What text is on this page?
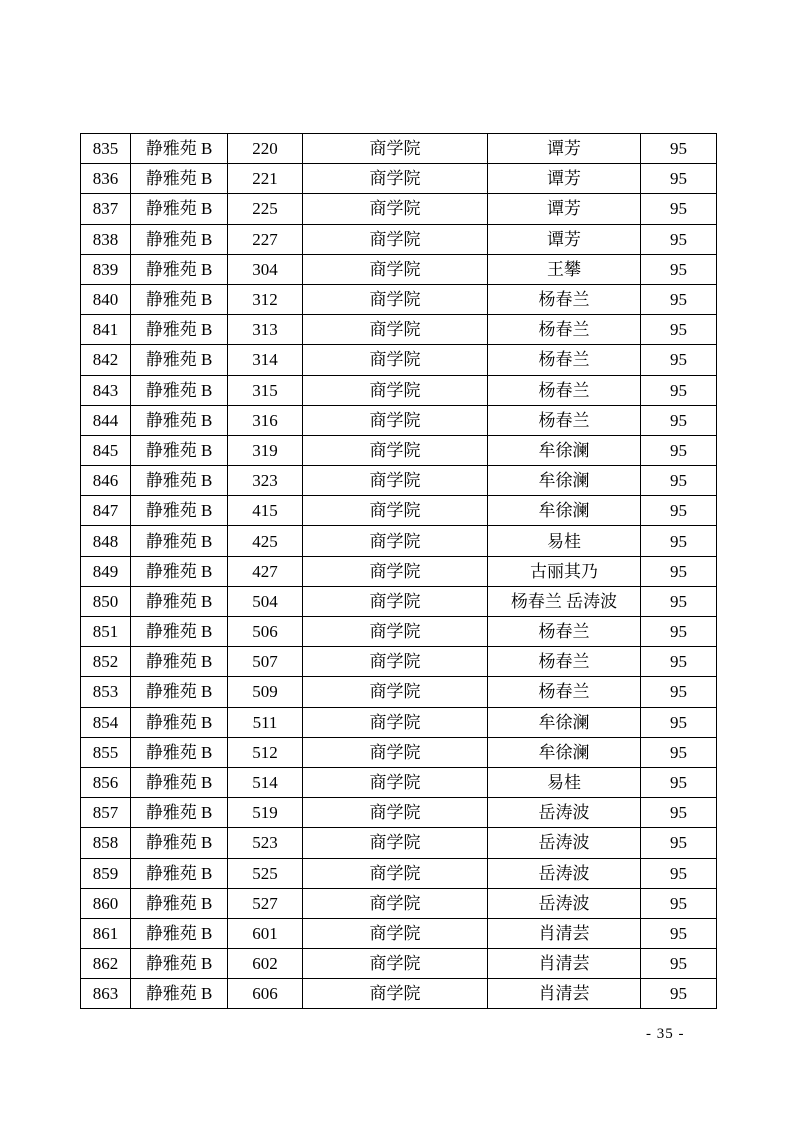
835	静雅苑 B	220	商学院	谭芳	95
836	静雅苑 B	221	商学院	谭芳	95
837	静雅苑 B	225	商学院	谭芳	95
838	静雅苑 B	227	商学院	谭芳	95
839	静雅苑 B	304	商学院	王攀	95
840	静雅苑 B	312	商学院	杨春兰	95
841	静雅苑 B	313	商学院	杨春兰	95
842	静雅苑 B	314	商学院	杨春兰	95
843	静雅苑 B	315	商学院	杨春兰	95
844	静雅苑 B	316	商学院	杨春兰	95
845	静雅苑 B	319	商学院	牟徐澜	95
846	静雅苑 B	323	商学院	牟徐澜	95
847	静雅苑 B	415	商学院	牟徐澜	95
848	静雅苑 B	425	商学院	易桂	95
849	静雅苑 B	427	商学院	古丽其乃	95
850	静雅苑 B	504	商学院	杨春兰 岳涛波	95
851	静雅苑 B	506	商学院	杨春兰	95
852	静雅苑 B	507	商学院	杨春兰	95
853	静雅苑 B	509	商学院	杨春兰	95
854	静雅苑 B	511	商学院	牟徐澜	95
855	静雅苑 B	512	商学院	牟徐澜	95
856	静雅苑 B	514	商学院	易桂	95
857	静雅苑 B	519	商学院	岳涛波	95
858	静雅苑 B	523	商学院	岳涛波	95
859	静雅苑 B	525	商学院	岳涛波	95
860	静雅苑 B	527	商学院	岳涛波	95
861	静雅苑 B	601	商学院	肖清芸	95
862	静雅苑 B	602	商学院	肖清芸	95
863	静雅苑 B	606	商学院	肖清芸	95
- 35 -
